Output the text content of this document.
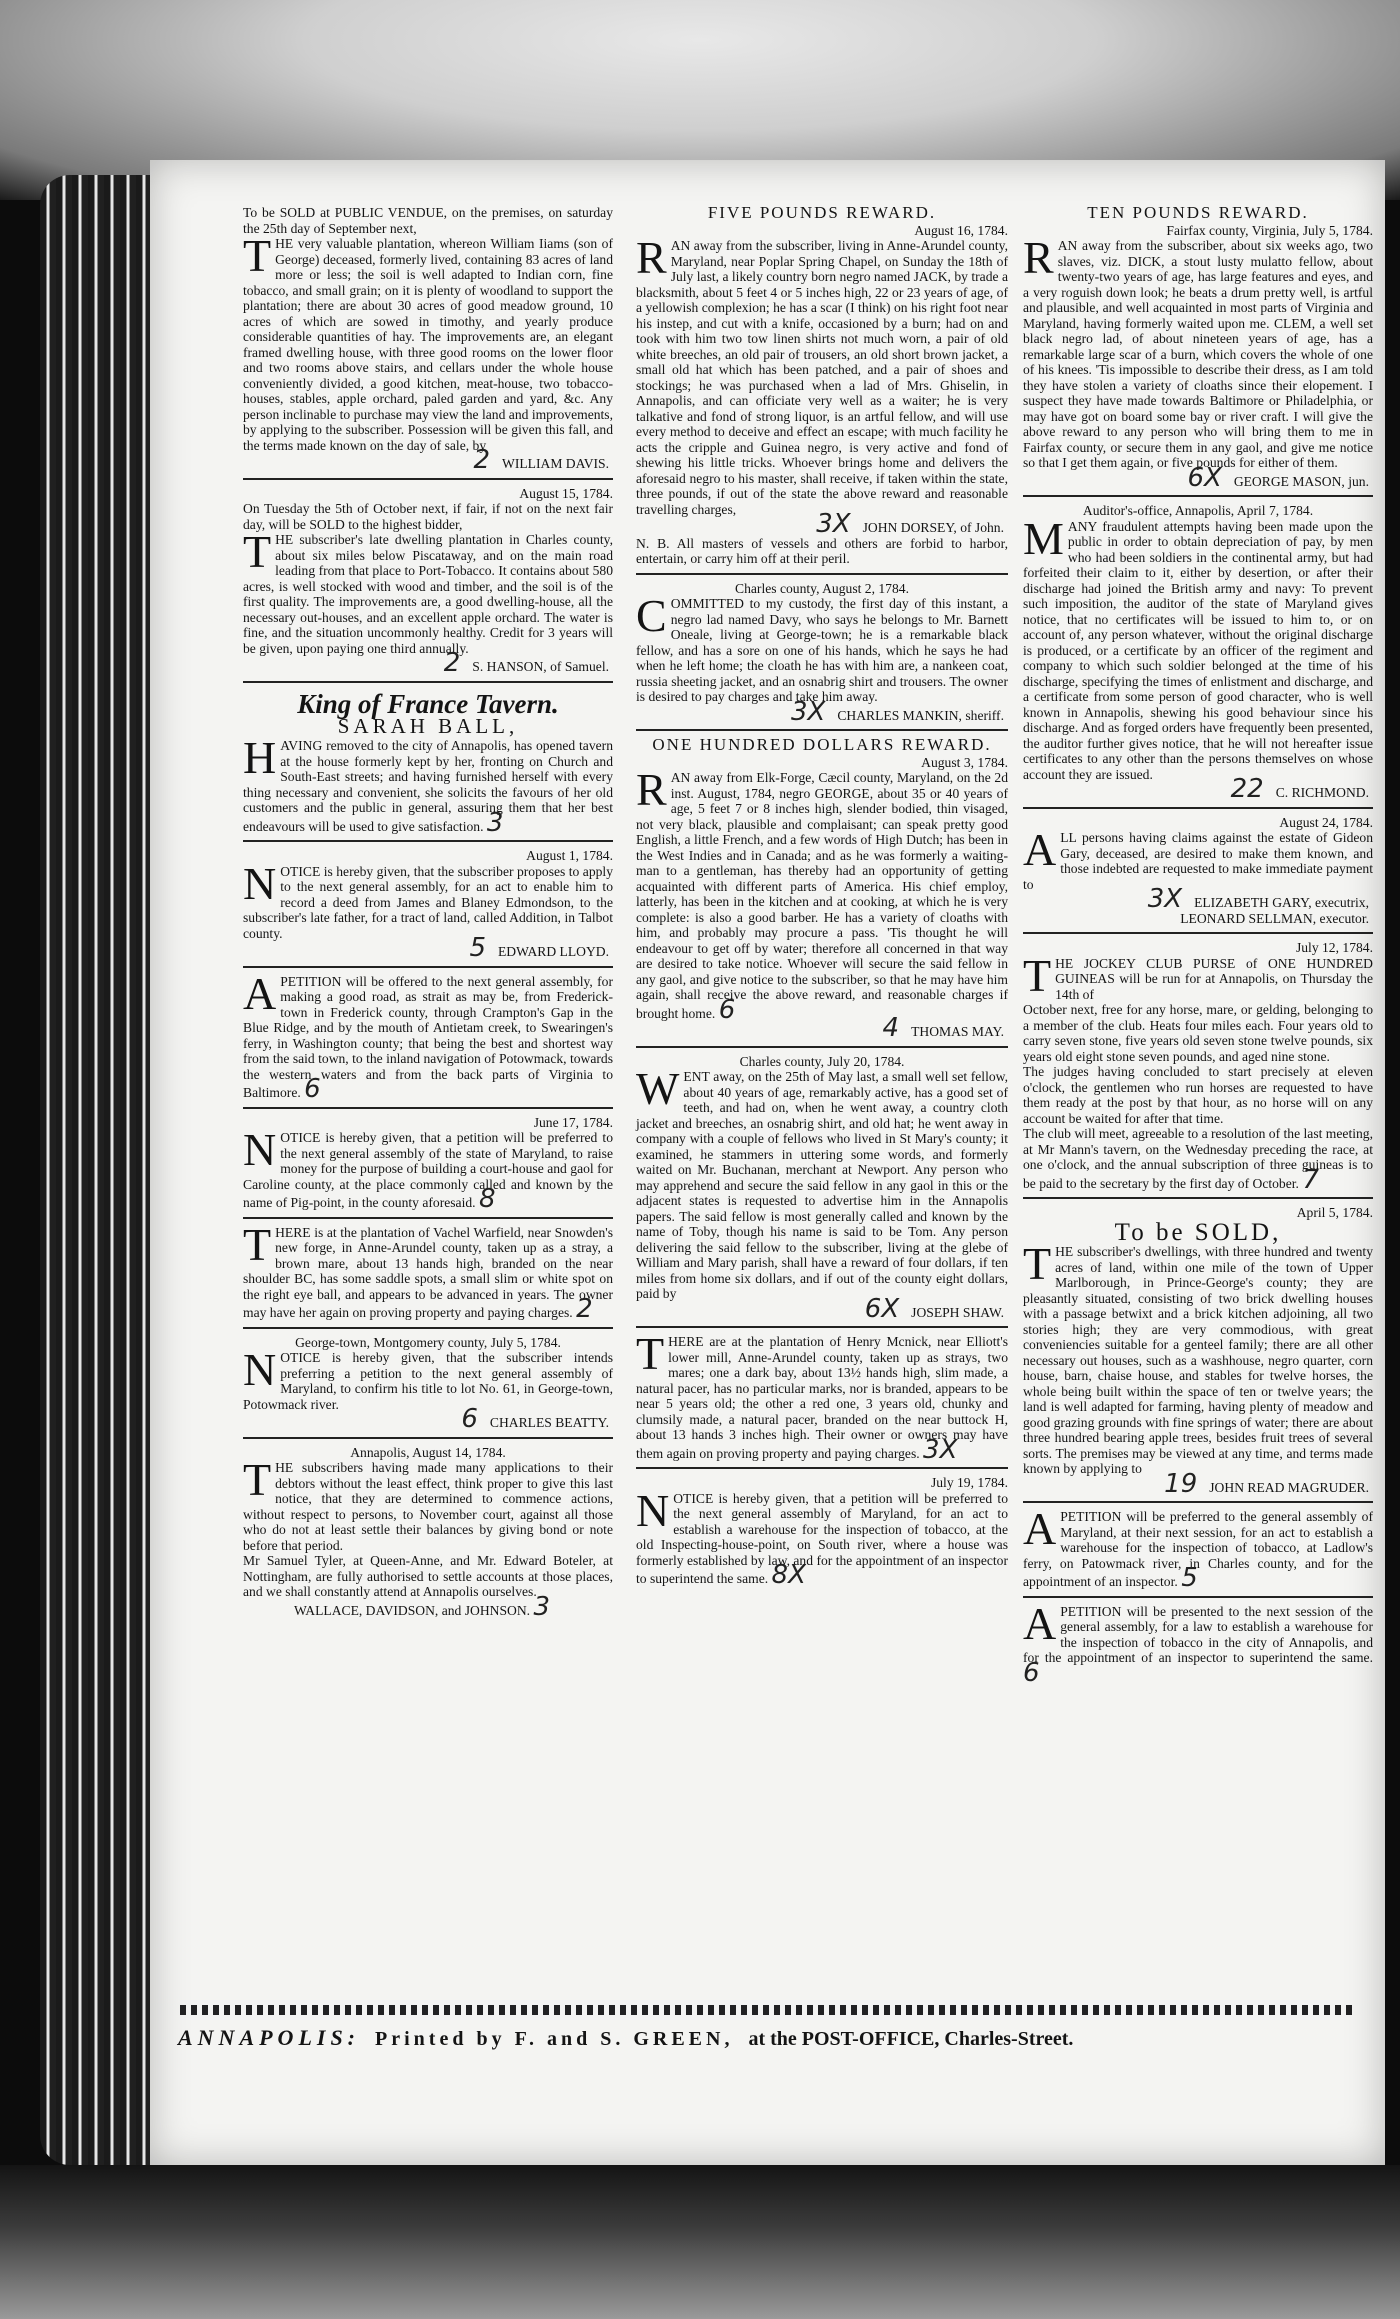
To be SOLD at PUBLIC VENDUE, on the premises, on saturday the 25th day of September next,

THE very valuable plantation, whereon William Iiams (son of George) deceased, formerly lived, containing 83 acres of land more or less; the soil is well adapted to Indian corn, fine tobacco, and small grain; on it is plenty of woodland to support the plantation; there are about 30 acres of good meadow ground, 10 acres of which are sowed in timothy, and yearly produce considerable quantities of hay. The improvements are, an elegant framed dwelling house, with three good rooms on the lower floor and two rooms above stairs, and cellars under the whole house conveniently divided, a good kitchen, meat-house, two tobacco-houses, stables, apple orchard, paled garden and yard, &c. Any person inclinable to purchase may view the land and improvements, by applying to the subscriber. Possession will be given this fall, and the terms made known on the day of sale, by

2 WILLIAM DAVIS.

August 15, 1784.

On Tuesday the 5th of October next, if fair, if not on the next fair day, will be SOLD to the highest bidder,

THE subscriber's late dwelling plantation in Charles county, about six miles below Piscataway, and on the main road leading from that place to Port-Tobacco. It contains about 580 acres, is well stocked with wood and timber, and the soil is of the first quality. The improvements are, a good dwelling-house, all the necessary out-houses, and an excellent apple orchard. The water is fine, and the situation uncommonly healthy. Credit for 3 years will be given, upon paying one third annually.

2 S. HANSON, of Samuel.

King of France Tavern.
SARAH BALL,

HAVING removed to the city of Annapolis, has opened tavern at the house formerly kept by her, fronting on Church and South-East streets; and having furnished herself with every thing necessary and convenient, she solicits the favours of her old customers and the public in general, assuring them that her best endeavours will be used to give satisfaction. 3

August 1, 1784.

NOTICE is hereby given, that the subscriber proposes to apply to the next general assembly, for an act to enable him to record a deed from James and Blaney Edmondson, to the subscriber's late father, for a tract of land, called Addition, in Talbot county.	5 EDWARD LLOYD.

APETITION will be offered to the next general assembly, for making a good road, as strait as may be, from Frederick-town in Frederick county, through Crampton's Gap in the Blue Ridge, and by the mouth of Antietam creek, to Swearingen's ferry, in Washington county; that being the best and shortest way from the said town, to the inland navigation of Potowmack, towards the western waters and from the back parts of Virginia to Baltimore. 6

June 17, 1784.

NOTICE is hereby given, that a petition will be preferred to the next general assembly of the state of Maryland, to raise money for the purpose of building a court-house and gaol for Caroline county, at the place commonly called and known by the name of Pig-point, in the county aforesaid. 8

THERE is at the plantation of Vachel Warfield, near Snowden's new forge, in Anne-Arundel county, taken up as a stray, a brown mare, about 13 hands high, branded on the near shoulder BC, has some saddle spots, a small slim or white spot on the right eye ball, and appears to be advanced in years. The owner may have her again on proving property and paying charges. 2

George-town, Montgomery county, July 5, 1784.

NOTICE is hereby given, that the subscriber intends preferring a petition to the next general assembly of Maryland, to confirm his title to lot No. 61, in George-town, Potowmack river.	6 CHARLES BEATTY.

Annapolis, August 14, 1784.

THE subscribers having made many applications to their debtors without the least effect, think proper to give this last notice, that they are determined to commence actions, without respect to persons, to November court, against all those who do not at least settle their balances by giving bond or note before that period.

Mr Samuel Tyler, at Queen-Anne, and Mr. Edward Boteler, at Nottingham, are fully authorised to settle accounts at those places, and we shall constantly attend at Annapolis ourselves.

WALLACE, DAVIDSON, and JOHNSON. 3

FIVE POUNDS REWARD.

August 16, 1784.

RAN away from the subscriber, living in Anne-Arundel county, Maryland, near Poplar Spring Chapel, on Sunday the 18th of July last, a likely country born negro named JACK, by trade a blacksmith, about 5 feet 4 or 5 inches high, 22 or 23 years of age, of a yellowish complexion; he has a scar (I think) on his right foot near his instep, and cut with a knife, occasioned by a burn; had on and took with him two tow linen shirts not much worn, a pair of old white breeches, an old pair of trousers, an old short brown jacket, a small old hat which has been patched, and a pair of shoes and stockings; he was purchased when a lad of Mrs. Ghiselin, in Annapolis, and can officiate very well as a waiter; he is very talkative and fond of strong liquor, is an artful fellow, and will use every method to deceive and effect an escape; with much facility he acts the cripple and Guinea negro, is very active and fond of shewing his little tricks. Whoever brings home and delivers the aforesaid negro to his master, shall receive, if taken within the state, three pounds, if out of the state the above reward and reasonable travelling charges,	3X JOHN DORSEY, of John.

N. B. All masters of vessels and others are forbid to harbor, entertain, or carry him off at their peril.

Charles county, August 2, 1784.

COMMITTED to my custody, the first day of this instant, a negro lad named Davy, who says he belongs to Mr. Barnett Oneale, living at George-town; he is a remarkable black fellow, and has a sore on one of his hands, which he says he had when he left home; the cloath he has with him are, a nankeen coat, russia sheeting jacket, and an osnabrig shirt and trousers. The owner is desired to pay charges and take him away.

3X CHARLES MANKIN, sheriff.

ONE HUNDRED DOLLARS REWARD.

August 3, 1784.

RAN away from Elk-Forge, Cæcil county, Maryland, on the 2d inst. August, 1784, negro GEORGE, about 35 or 40 years of age, 5 feet 7 or 8 inches high, slender bodied, thin visaged, not very black, plausible and complaisant; can speak pretty good English, a little French, and a few words of High Dutch; has been in the West Indies and in Canada; and as he was formerly a waiting-man to a gentleman, has thereby had an opportunity of getting acquainted with different parts of America. His chief employ, latterly, has been in the kitchen and at cooking, at which he is very complete: is also a good barber. He has a variety of cloaths with him, and probably may procure a pass. 'Tis thought he will endeavour to get off by water; therefore all concerned in that way are desired to take notice. Whoever will secure the said fellow in any gaol, and give notice to the subscriber, so that he may have him again, shall receive the above reward, and reasonable charges if brought home. 6

4 THOMAS MAY.

Charles county, July 20, 1784.

WENT away, on the 25th of May last, a small well set fellow, about 40 years of age, remarkably active, has a good set of teeth, and had on, when he went away, a country cloth jacket and breeches, an osnabrig shirt, and old hat; he went away in company with a couple of fellows who lived in St Mary's county; it examined, he stammers in uttering some words, and formerly waited on Mr. Buchanan, merchant at Newport. Any person who may apprehend and secure the said fellow in any gaol in this or the adjacent states is requested to advertise him in the Annapolis papers. The said fellow is most generally called and known by the name of Toby, though his name is said to be Tom. Any person delivering the said fellow to the subscriber, living at the glebe of William and Mary parish, shall have a reward of four dollars, if ten miles from home six dollars, and if out of the county eight dollars, paid by	6X JOSEPH SHAW.

THERE are at the plantation of Henry Mcnick, near Elliott's lower mill, Anne-Arundel county, taken up as strays, two mares; one a dark bay, about 13½ hands high, slim made, a natural pacer, has no particular marks, nor is branded, appears to be near 5 years old; the other a red one, 3 years old, chunky and clumsily made, a natural pacer, branded on the near buttock H, about 13 hands 3 inches high. Their owner or owners may have them again on proving property and paying charges. 3X

July 19, 1784.

NOTICE is hereby given, that a petition will be preferred to the next general assembly of Maryland, for an act to establish a warehouse for the inspection of tobacco, at the old Inspecting-house-point, on South river, where a house was formerly established by law, and for the appointment of an inspector to superintend the same. 8X

TEN POUNDS REWARD.

Fairfax county, Virginia, July 5, 1784.

RAN away from the subscriber, about six weeks ago, two slaves, viz. DICK, a stout lusty mulatto fellow, about twenty-two years of age, has large features and eyes, and a very roguish down look; he beats a drum pretty well, is artful and plausible, and well acquainted in most parts of Virginia and Maryland, having formerly waited upon me. CLEM, a well set black negro lad, of about nineteen years of age, has a remarkable large scar of a burn, which covers the whole of one of his knees. 'Tis impossible to describe their dress, as I am told they have stolen a variety of cloaths since their elopement. I suspect they have made towards Baltimore or Philadelphia, or may have got on board some bay or river craft. I will give the above reward to any person who will bring them to me in Fairfax county, or secure them in any gaol, and give me notice so that I get them again, or five pounds for either of them.

6X GEORGE MASON, jun.

Auditor's-office, Annapolis, April 7, 1784.

MANY fraudulent attempts having been made upon the public in order to obtain depreciation of pay, by men who had been soldiers in the continental army, but had forfeited their claim to it, either by desertion, or after their discharge had joined the British army and navy: To prevent such imposition, the auditor of the state of Maryland gives notice, that no certificates will be issued to him to, or on account of, any person whatever, without the original discharge is produced, or a certificate by an officer of the regiment and company to which such soldier belonged at the time of his discharge, specifying the times of enlistment and discharge, and a certificate from some person of good character, who is well known in Annapolis, shewing his good behaviour since his discharge. And as forged orders have frequently been presented, the auditor further gives notice, that he will not hereafter issue certificates to any other than the persons themselves on whose account they are issued.	22 C. RICHMOND.

August 24, 1784.

ALL persons having claims against the estate of Gideon Gary, deceased, are desired to make them known, and those indebted are requested to make immediate payment to	3X ELIZABETH GARY, executrix,

LEONARD SELLMAN, executor.

July 12, 1784.

THE JOCKEY CLUB PURSE of ONE HUNDRED GUINEAS will be run for at Annapolis, on Thursday the 14th of

October next, free for any horse, mare, or gelding, belonging to a member of the club. Heats four miles each. Four years old to carry seven stone, five years old seven stone twelve pounds, six years old eight stone seven pounds, and aged nine stone.

The judges having concluded to start precisely at eleven o'clock, the gentlemen who run horses are requested to have them ready at the post by that hour, as no horse will on any account be waited for after that time.

The club will meet, agreeable to a resolution of the last meeting, at Mr Mann's tavern, on the Wednesday preceding the race, at one o'clock, and the annual subscription of three guineas is to be paid to the secretary by the first day of October. 7

April 5, 1784.

To be SOLD,

THE subscriber's dwellings, with three hundred and twenty acres of land, within one mile of the town of Upper Marlborough, in Prince-George's county; they are pleasantly situated, consisting of two brick dwelling houses with a passage betwixt and a brick kitchen adjoining, all two stories high; they are very commodious, with great conveniencies suitable for a genteel family; there are all other necessary out houses, such as a washhouse, negro quarter, corn house, barn, chaise house, and stables for twelve horses, the whole being built within the space of ten or twelve years; the land is well adapted for farming, having plenty of meadow and good grazing grounds with fine springs of water; there are about three hundred bearing apple trees, besides fruit trees of several sorts. The premises may be viewed at any time, and terms made known by applying to 19 JOHN READ MAGRUDER.

APETITION will be preferred to the general assembly of Maryland, at their next session, for an act to establish a warehouse for the inspection of tobacco, at Ladlow's ferry, on Patowmack river, in Charles county, and for the appointment of an inspector. 5

APETITION will be presented to the next session of the general assembly, for a law to establish a warehouse for the inspection of tobacco in the city of Annapolis, and for the appointment of an inspector to superintend the same. 6

ANNAPOLIS: Printed by F. and S. GREEN, at the POST-OFFICE, Charles-Street.
